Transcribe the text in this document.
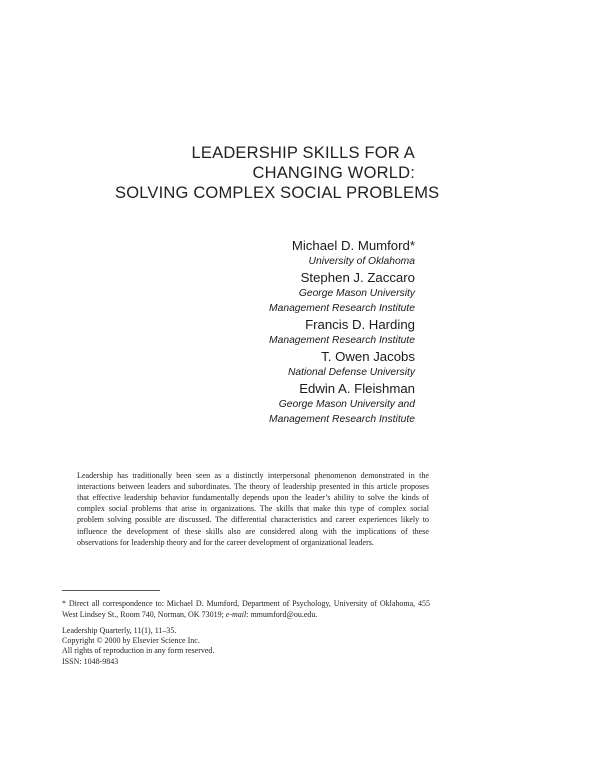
LEADERSHIP SKILLS FOR A
CHANGING WORLD:
SOLVING COMPLEX SOCIAL PROBLEMS
Michael D. Mumford*
University of Oklahoma
Stephen J. Zaccaro
George Mason University
Management Research Institute
Francis D. Harding
Management Research Institute
T. Owen Jacobs
National Defense University
Edwin A. Fleishman
George Mason University and
Management Research Institute

Leadership has traditionally been seen as a distinctly interpersonal phenomenon demonstrated in the interactions between leaders and subordinates. The theory of leadership presented in this article proposes that effective leadership behavior fundamentally depends upon the leader’s ability to solve the kinds of complex social problems that arise in organizations. The skills that make this type of complex social problem solving possible are discussed. The differential characteristics and career experiences likely to influence the development of these skills also are considered along with the implications of these observations for leadership theory and for the career development of organizational leaders.

* Direct all correspondence to: Michael D. Mumford, Department of Psychology, University of Oklahoma, 455 West Lindsey St., Room 740, Norman, OK 73019; e-mail: mmumford@ou.edu.
Leadership Quarterly, 11(1), 11–35.
Copyright © 2000 by Elsevier Science Inc.
All rights of reproduction in any form reserved.
ISSN: 1048-9843
